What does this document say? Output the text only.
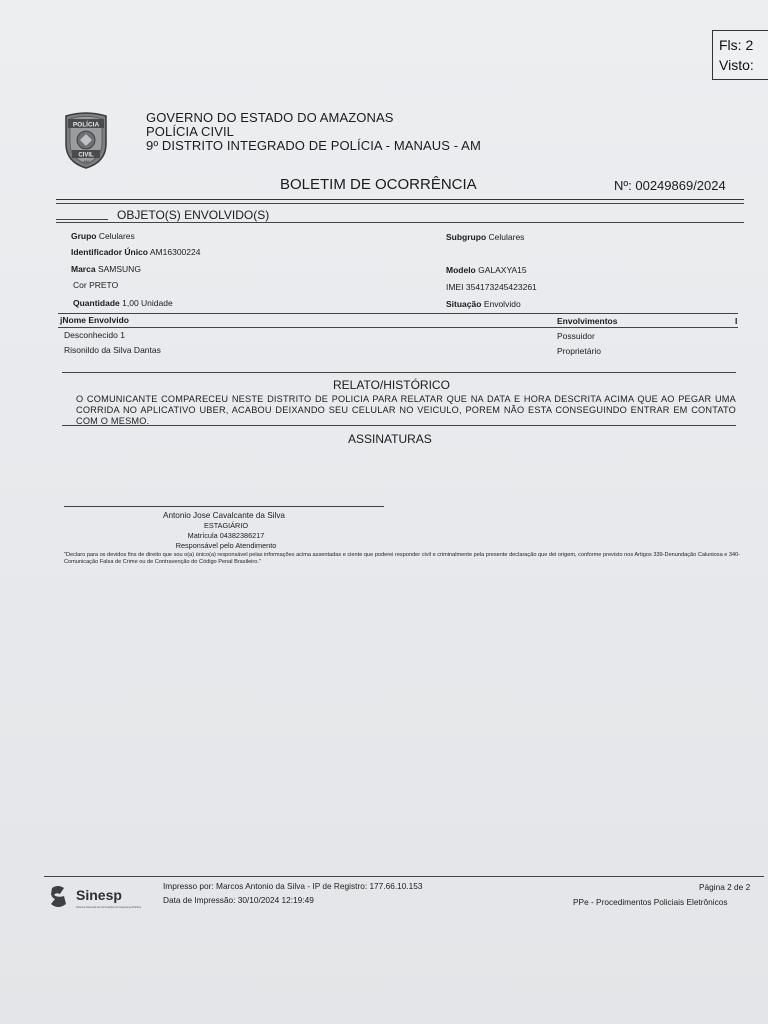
Fls: 2
Visto:
POLÍCIA
CIVIL
AM
GOVERNO DO ESTADO DO AMAZONAS
POLÍCIA CIVIL
9º DISTRITO INTEGRADO DE POLÍCIA - MANAUS - AM
BOLETIM DE OCORRÊNCIA	Nº: 00249869/2024
OBJETO(S) ENVOLVIDO(S)
Grupo Celulares	Subgrupo Celulares
Identificador Único AM16300224
Marca SAMSUNG	Modelo GALAXYA15
Cor PRETO	IMEI 354173245423261
Quantidade 1,00 Unidade	Situação Envolvido
jNome Envolvido	Envolvimentos	I
Desconhecido 1	Possuidor
Risonildo da Silva Dantas	Proprietário
RELATO/HISTÓRICO
O COMUNICANTE COMPARECEU NESTE DISTRITO DE POLICIA PARA RELATAR QUE NA DATA E HORA DESCRITA ACIMA QUE AO PEGAR UMA CORRIDA NO APLICATIVO UBER, ACABOU DEIXANDO SEU CELULAR NO VEICULO, POREM NÃO ESTA CONSEGUINDO ENTRAR EM CONTATO COM O MESMO.
ASSINATURAS
Antonio Jose Cavalcante da Silva
ESTAGIÁRIO
Matrícula 04382386217
Responsável pelo Atendimento
"Declaro para os devidos fins de direito que sou o(a) único(a) responsável pelas informações acima assentadas e ciente que poderei responder civil e criminalmente pela presente declaração que dei origem, conforme previsto nos Artigos 339-Denundação Caluniosa e 340-Comunicação Falsa de Crime ou de Contravenção do Código Penal Brasileiro."
Sinesp
Sistema Nacional de Informações de Segurança Pública
Impresso por: Marcos Antonio da Silva - IP de Registro: 177.66.10.153
Data de Impressão: 30/10/2024 12:19:49
Página 2 de 2
PPe - Procedimentos Policiais Eletrônicos
